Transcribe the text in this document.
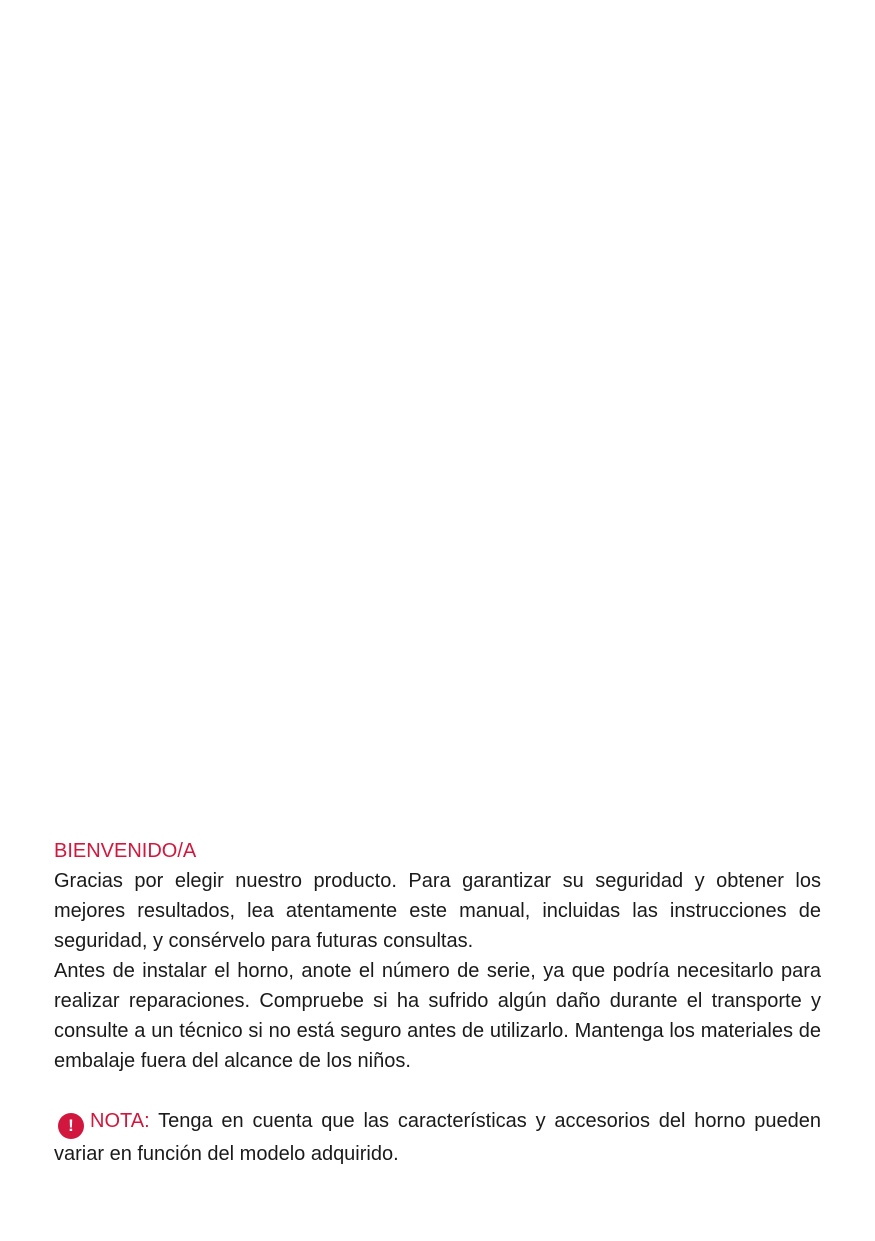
BIENVENIDO/A

Gracias por elegir nuestro producto. Para garantizar su seguridad y obtener los mejores resultados, lea atentamente este manual, incluidas las instrucciones de seguridad, y consérvelo para futuras consultas.

Antes de instalar el horno, anote el número de serie, ya que podría necesitarlo para realizar reparaciones. Compruebe si ha sufrido algún daño durante el transporte y consulte a un técnico si no está seguro antes de utilizarlo. Mantenga los materiales de embalaje fuera del alcance de los niños.

! NOTA: Tenga en cuenta que las características y accesorios del horno pueden variar en función del modelo adquirido.
